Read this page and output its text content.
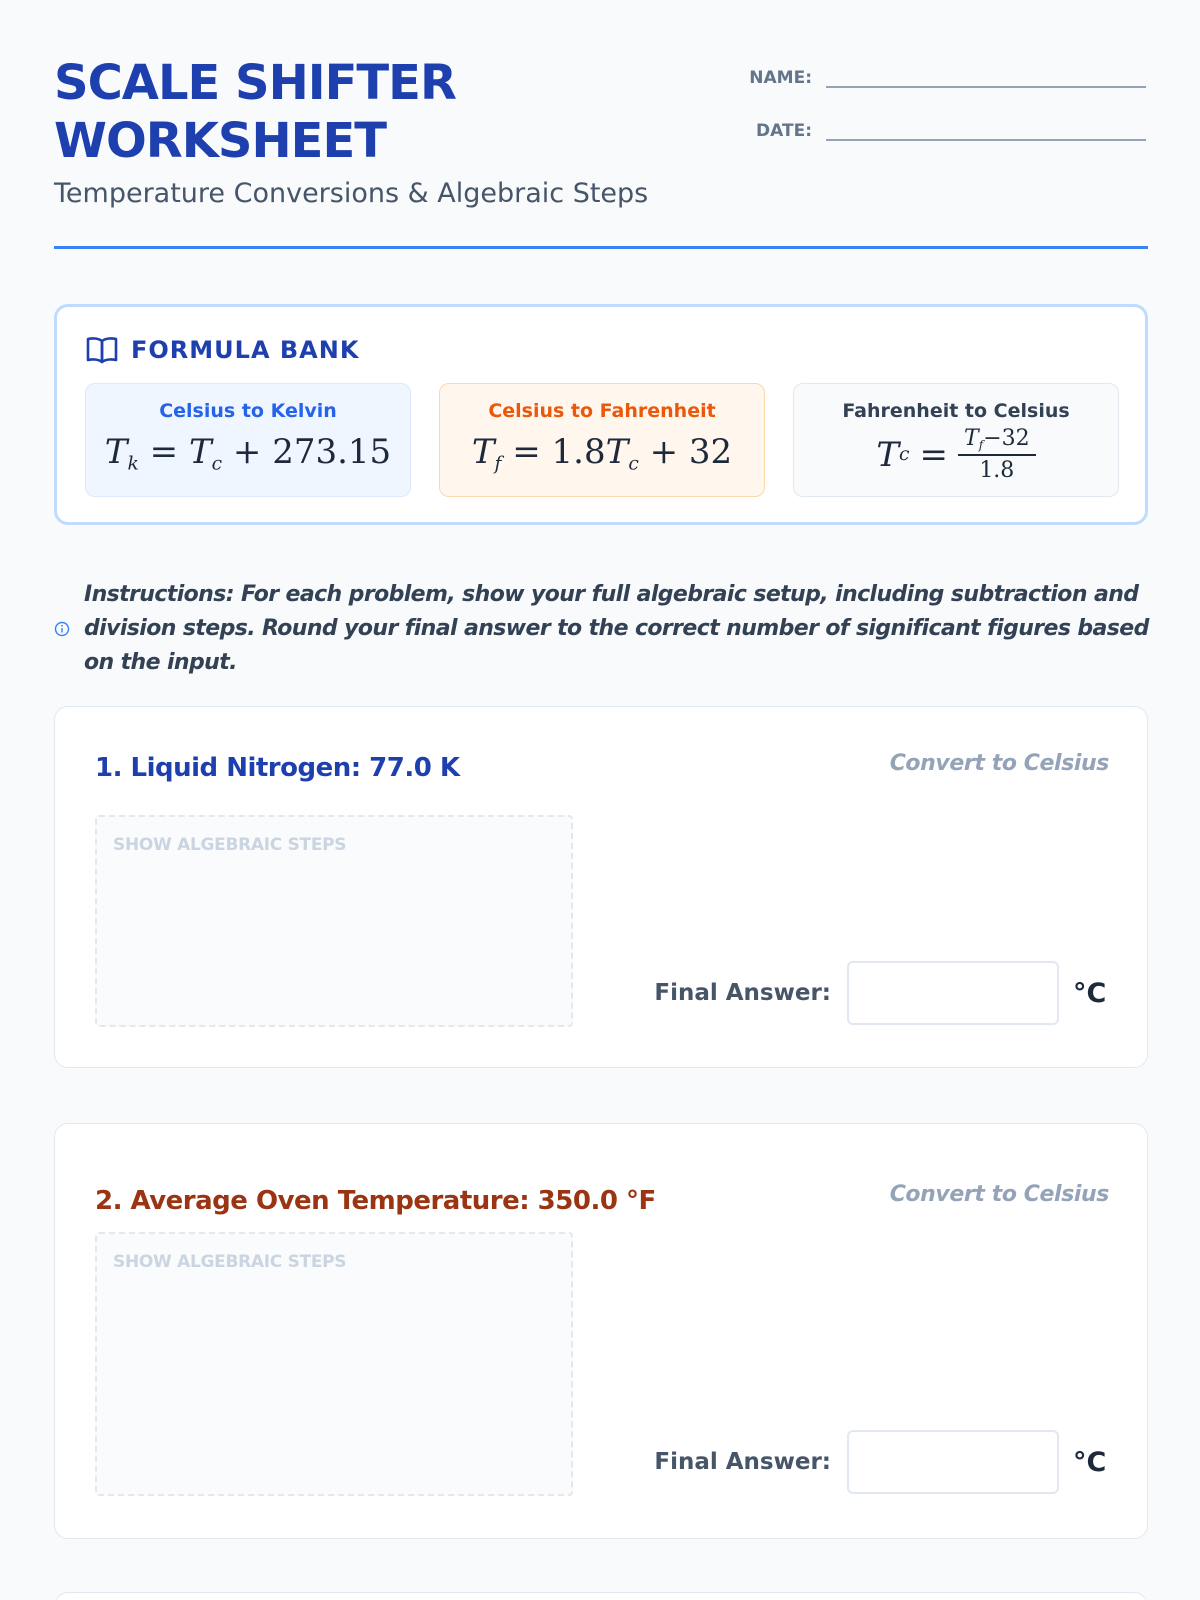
SCALE SHIFTER WORKSHEET
Temperature Conversions & Algebraic Steps
NAME:
DATE:
FORMULA BANK
Celsius to Kelvin
$T_k = T_c + 273.15$
Celsius to Fahrenheit
$T_f = 1.8T_c + 32$
Fahrenheit to Celsius
T $c = \frac{T_f-32}{1.8}$

Instructions: For each problem, show your full algebraic setup, including subtraction and division steps. Round your final answer to the correct number of significant figures based on the input.

1. Liquid Nitrogen: 77.0 K	Convert to Celsius
SHOW ALGEBRAIC STEPS
Final Answer:	°C
2. Average Oven Temperature: 350.0 °F	Convert to Celsius
SHOW ALGEBRAIC STEPS
Final Answer:	°C
